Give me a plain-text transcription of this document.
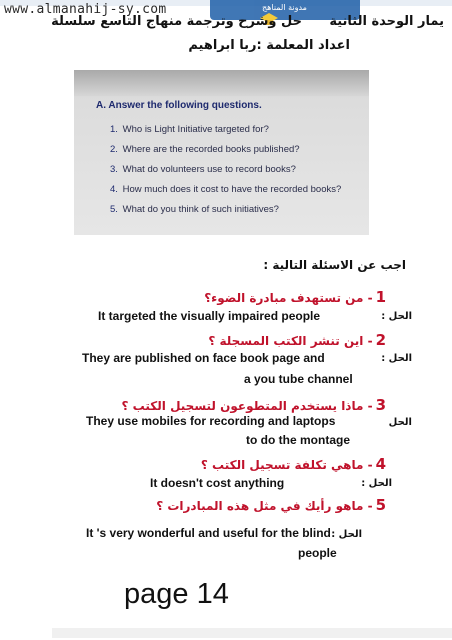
مدونة المناهج
www.almanahij-sy.com
حل وشرح وترجمة منهاج التاسع سلسلة	يمار الوحدة الثانية
اعداد المعلمة :ربا ابراهيم
A. Answer the following questions.
1. Who is Light Initiative targeted for?
2. Where are the recorded books published?
3. What do volunteers use to record books?
4. How much does it cost to have the recorded books?
5. What do you think of such initiatives?
اجب عن الاسئلة التالية :
1- من تستهدف مبادرة الضوء؟
الحل :
It targeted the visually impaired people
2- اين تنشر الكتب المسجلة ؟
الحل :
They are published on face book page and
a you tube channel
3- ماذا يستخدم المتطوعون لتسجيل الكتب ؟
الحل
They use mobiles for recording and laptops
to do the montage
4- ماهي تكلفة تسجيل الكتب ؟
الحل :
It doesn't cost anything
5- ماهو رأيك في مثل هذه المبادرات ؟
الحل :
It 's very wonderful and useful for the blind
people
page 14
